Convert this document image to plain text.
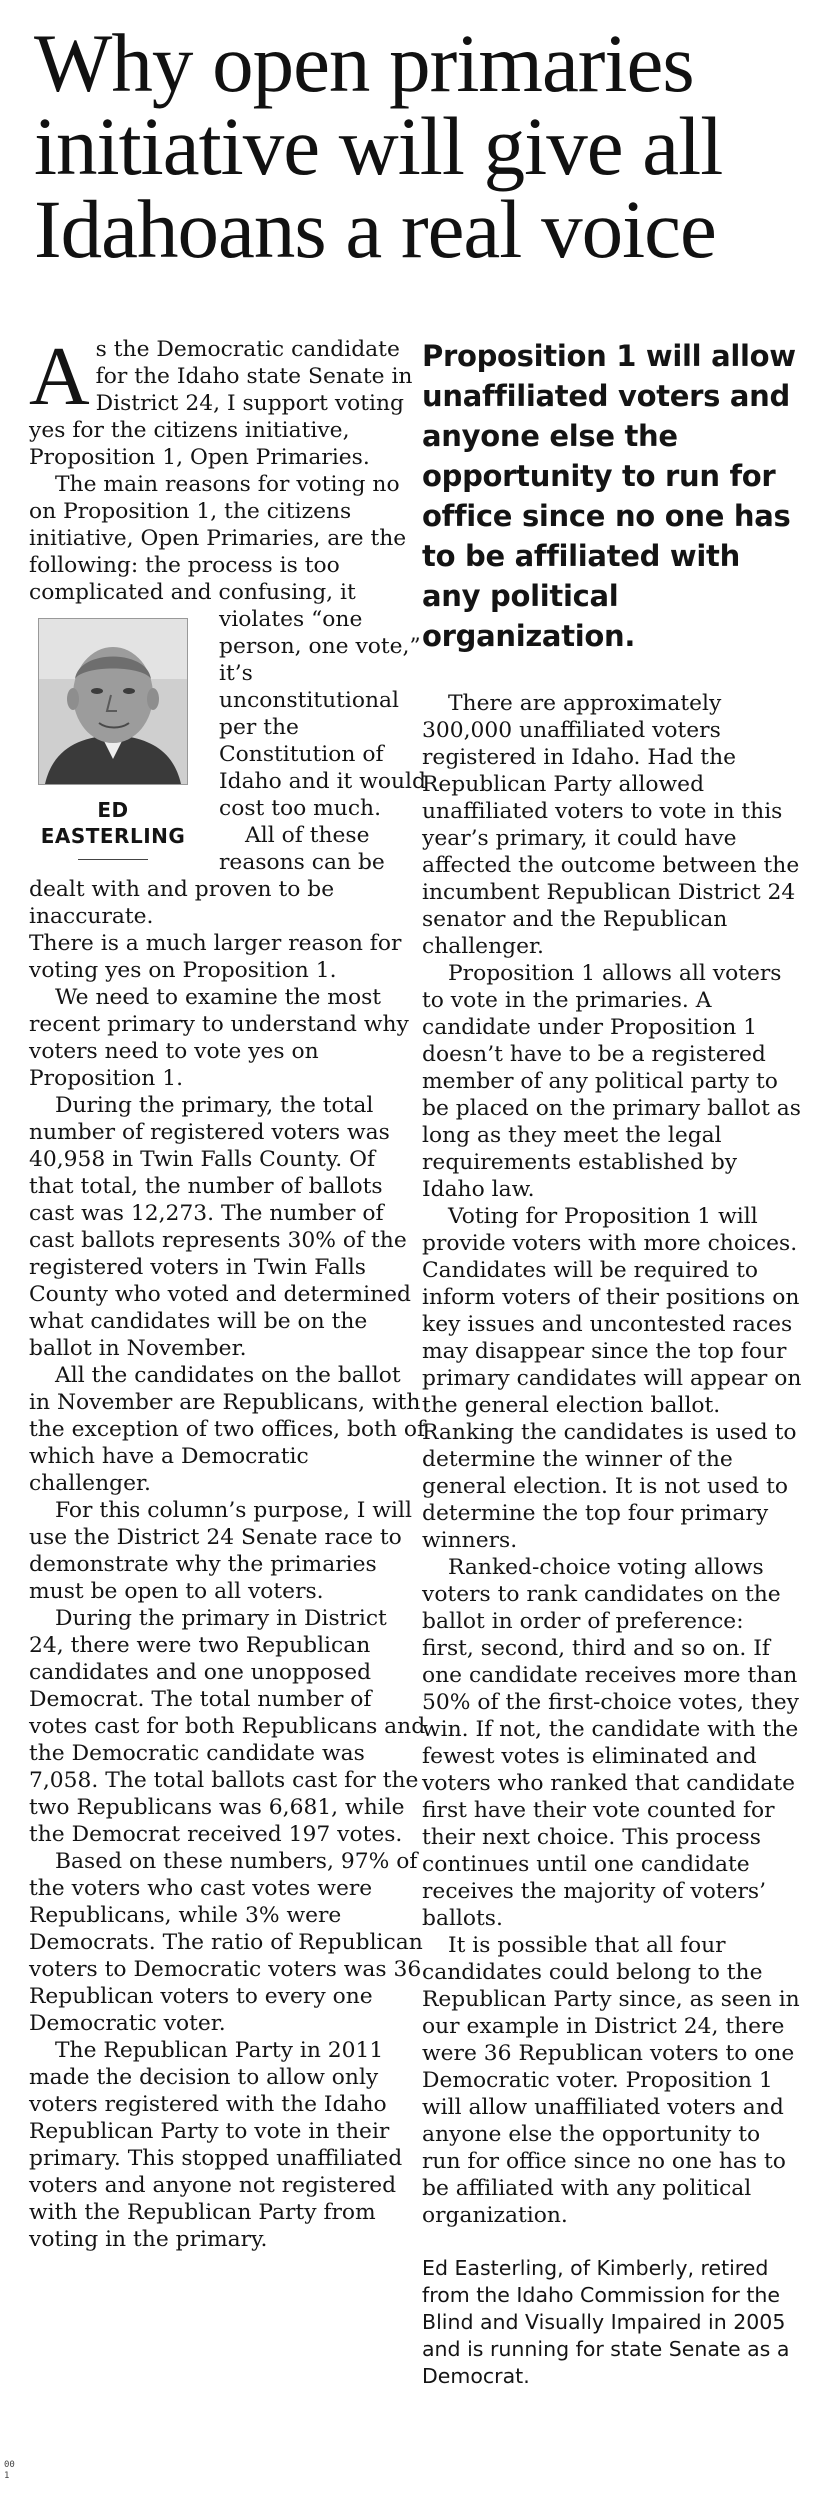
Why open primaries initiative will give all Idahoans a real voice

As the Democratic candidate for the Idaho state Senate in District 24, I support voting yes for the citizens initiative, Proposition 1, Open Primaries.

The main reasons for voting no on Proposition 1, the citizens initiative, Open Primaries, are the following: the process is too complicated and confusing, it

ED
EASTERLING

violates “one person, one vote,” it’s unconstitutional per the Constitution of Idaho and it would cost too much.

All of these reasons can be dealt with and proven to be inaccurate.

There is a much larger reason for voting yes on Proposition 1.

We need to examine the most recent primary to understand why voters need to vote yes on Proposition 1.

During the primary, the total number of registered voters was 40,958 in Twin Falls County. Of that total, the number of ballots cast was 12,273. The number of cast ballots represents 30% of the registered voters in Twin Falls County who voted and determined what candidates will be on the ballot in November.

All the candidates on the ballot in November are Republicans, with the exception of two offices, both of which have a Democratic challenger.

For this column’s purpose, I will use the District 24 Senate race to demonstrate why the primaries must be open to all voters.

During the primary in District 24, there were two Republican candidates and one unopposed Democrat. The total number of votes cast for both Republicans and the Democratic candidate was 7,058. The total ballots cast for the two Republicans was 6,681, while the Democrat received 197 votes.

Based on these numbers, 97% of the voters who cast votes were Republicans, while 3% were Democrats. The ratio of Republican voters to Democratic voters was 36 Republican voters to every one Democratic voter.

The Republican Party in 2011 made the decision to allow only voters registered with the Idaho Republican Party to vote in their primary. This stopped unaffiliated voters and anyone not registered with the Republican Party from voting in the primary.

Proposition 1 will allow unaffiliated voters and anyone else the opportunity to run for office since no one has to be affiliated with any political organization.

There are approximately 300,000 unaffiliated voters registered in Idaho. Had the Republican Party allowed unaffiliated voters to vote in this year’s primary, it could have affected the outcome between the incumbent Republican District 24 senator and the Republican challenger.

Proposition 1 allows all voters to vote in the primaries. A candidate under Proposition 1 doesn’t have to be a registered member of any political party to be placed on the primary ballot as long as they meet the legal requirements established by Idaho law.

Voting for Proposition 1 will provide voters with more choices. Candidates will be required to inform voters of their positions on key issues and uncontested races may disappear since the top four primary candidates will appear on the general election ballot. Ranking the candidates is used to determine the winner of the general election. It is not used to determine the top four primary winners.

Ranked-choice voting allows voters to rank candidates on the ballot in order of preference: first, second, third and so on. If one candidate receives more than 50% of the first-choice votes, they win. If not, the candidate with the fewest votes is eliminated and voters who ranked that candidate first have their vote counted for their next choice. This process continues until one candidate receives the majority of voters’ ballots.

It is possible that all four candidates could belong to the Republican Party since, as seen in our example in District 24, there were 36 Republican voters to one Democratic voter. Proposition 1 will allow unaffiliated voters and anyone else the opportunity to run for office since no one has to be affiliated with any political organization.

Ed Easterling, of Kimberly, retired from the Idaho Commission for the Blind and Visually Impaired in 2005 and is running for state Senate as a Democrat.
00
1
